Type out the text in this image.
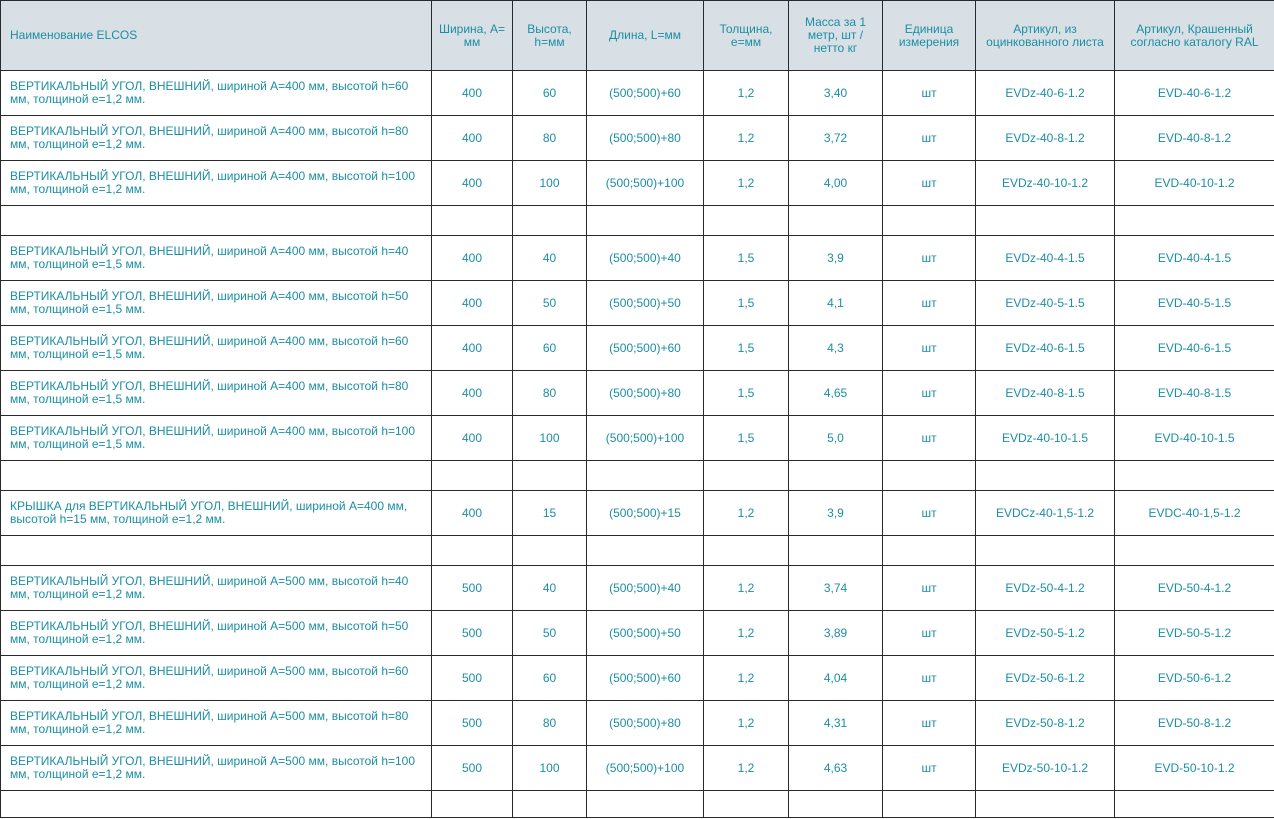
Наименование ELCOS	Ширина, A= мм	Высота, h=мм	Длина, L=мм	Толщина, e=мм	Масса за 1 метр, шт / нетто кг	Единица измерения	Артикул, из оцинкованного листа	Артикул, Крашенный согласно каталогу RAL
ВЕРТИКАЛЬНЫЙ УГОЛ, ВНЕШНИЙ, шириной A=400 мм, высотой h=60 мм, толщиной e=1,2 мм.	400	60	(500;500)+60	1,2	3,40	шт	EVDz-40-6-1.2	EVD-40-6-1.2
ВЕРТИКАЛЬНЫЙ УГОЛ, ВНЕШНИЙ, шириной A=400 мм, высотой h=80 мм, толщиной e=1,2 мм.	400	80	(500;500)+80	1,2	3,72	шт	EVDz-40-8-1.2	EVD-40-8-1.2
ВЕРТИКАЛЬНЫЙ УГОЛ, ВНЕШНИЙ, шириной A=400 мм, высотой h=100 мм, толщиной e=1,2 мм.	400	100	(500;500)+100	1,2	4,00	шт	EVDz-40-10-1.2	EVD-40-10-1.2

ВЕРТИКАЛЬНЫЙ УГОЛ, ВНЕШНИЙ, шириной A=400 мм, высотой h=40 мм, толщиной e=1,5 мм.	400	40	(500;500)+40	1,5	3,9	шт	EVDz-40-4-1.5	EVD-40-4-1.5
ВЕРТИКАЛЬНЫЙ УГОЛ, ВНЕШНИЙ, шириной A=400 мм, высотой h=50 мм, толщиной e=1,5 мм.	400	50	(500;500)+50	1,5	4,1	шт	EVDz-40-5-1.5	EVD-40-5-1.5
ВЕРТИКАЛЬНЫЙ УГОЛ, ВНЕШНИЙ, шириной A=400 мм, высотой h=60 мм, толщиной e=1,5 мм.	400	60	(500;500)+60	1,5	4,3	шт	EVDz-40-6-1.5	EVD-40-6-1.5
ВЕРТИКАЛЬНЫЙ УГОЛ, ВНЕШНИЙ, шириной A=400 мм, высотой h=80 мм, толщиной e=1,5 мм.	400	80	(500;500)+80	1,5	4,65	шт	EVDz-40-8-1.5	EVD-40-8-1.5
ВЕРТИКАЛЬНЫЙ УГОЛ, ВНЕШНИЙ, шириной A=400 мм, высотой h=100 мм, толщиной e=1,5 мм.	400	100	(500;500)+100	1,5	5,0	шт	EVDz-40-10-1.5	EVD-40-10-1.5

КРЫШКА для ВЕРТИКАЛЬНЫЙ УГОЛ, ВНЕШНИЙ, шириной A=400 мм, высотой h=15 мм, толщиной e=1,2 мм.	400	15	(500;500)+15	1,2	3,9	шт	EVDCz-40-1,5-1.2	EVDC-40-1,5-1.2

ВЕРТИКАЛЬНЫЙ УГОЛ, ВНЕШНИЙ, шириной A=500 мм, высотой h=40 мм, толщиной e=1,2 мм.	500	40	(500;500)+40	1,2	3,74	шт	EVDz-50-4-1.2	EVD-50-4-1.2
ВЕРТИКАЛЬНЫЙ УГОЛ, ВНЕШНИЙ, шириной A=500 мм, высотой h=50 мм, толщиной e=1,2 мм.	500	50	(500;500)+50	1,2	3,89	шт	EVDz-50-5-1.2	EVD-50-5-1.2
ВЕРТИКАЛЬНЫЙ УГОЛ, ВНЕШНИЙ, шириной A=500 мм, высотой h=60 мм, толщиной e=1,2 мм.	500	60	(500;500)+60	1,2	4,04	шт	EVDz-50-6-1.2	EVD-50-6-1.2
ВЕРТИКАЛЬНЫЙ УГОЛ, ВНЕШНИЙ, шириной A=500 мм, высотой h=80 мм, толщиной e=1,2 мм.	500	80	(500;500)+80	1,2	4,31	шт	EVDz-50-8-1.2	EVD-50-8-1.2
ВЕРТИКАЛЬНЫЙ УГОЛ, ВНЕШНИЙ, шириной A=500 мм, высотой h=100 мм, толщиной e=1,2 мм.	500	100	(500;500)+100	1,2	4,63	шт	EVDz-50-10-1.2	EVD-50-10-1.2
